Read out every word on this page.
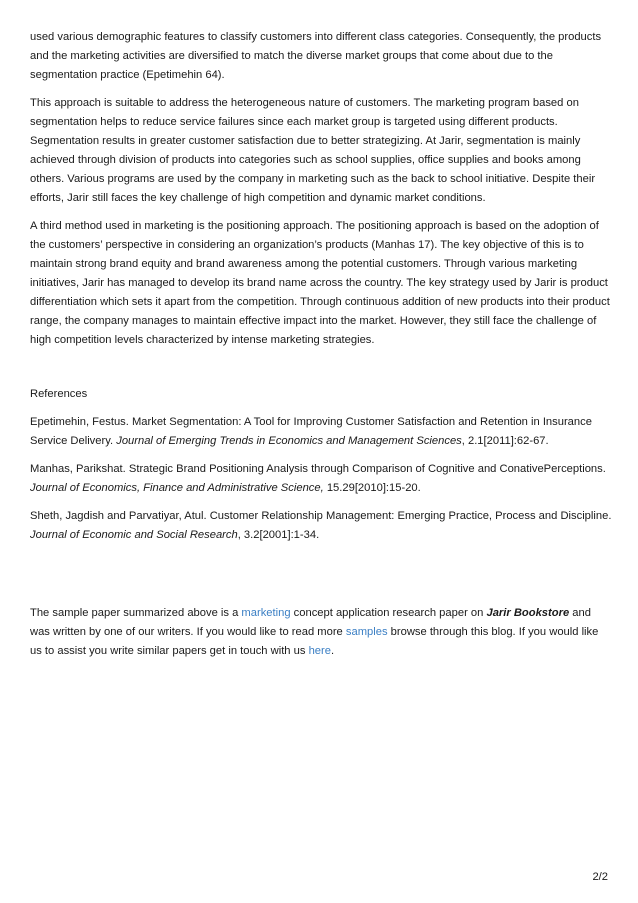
used various demographic features to classify customers into different class categories. Consequently, the products and the marketing activities are diversified to match the diverse market groups that come about due to the segmentation practice (Epetimehin 64).

This approach is suitable to address the heterogeneous nature of customers. The marketing program based on segmentation helps to reduce service failures since each market group is targeted using different products. Segmentation results in greater customer satisfaction due to better strategizing. At Jarir, segmentation is mainly achieved through division of products into categories such as school supplies, office supplies and books among others. Various programs are used by the company in marketing such as the back to school initiative. Despite their efforts, Jarir still faces the key challenge of high competition and dynamic market conditions.

A third method used in marketing is the positioning approach. The positioning approach is based on the adoption of the customers’ perspective in considering an organization’s products (Manhas 17). The key objective of this is to maintain strong brand equity and brand awareness among the potential customers. Through various marketing initiatives, Jarir has managed to develop its brand name across the country. The key strategy used by Jarir is product differentiation which sets it apart from the competition. Through continuous addition of new products into their product range, the company manages to maintain effective impact into the market. However, they still face the challenge of high competition levels characterized by intense marketing strategies.

References

Epetimehin, Festus. Market Segmentation: A Tool for Improving Customer Satisfaction and Retention in Insurance Service Delivery. Journal of Emerging Trends in Economics and Management Sciences, 2.1[2011]:62-67.

Manhas, Parikshat. Strategic Brand Positioning Analysis through Comparison of Cognitive and ConativePerceptions. Journal of Economics, Finance and Administrative Science, 15.29[2010]:15-20.

Sheth, Jagdish and Parvatiyar, Atul. Customer Relationship Management: Emerging Practice, Process and Discipline. Journal of Economic and Social Research, 3.2[2001]:1-34.

The sample paper summarized above is a marketing concept application research paper on Jarir Bookstore and was written by one of our writers. If you would like to read more samples browse through this blog. If you would like us to assist you write similar papers get in touch with us here.

2/2
